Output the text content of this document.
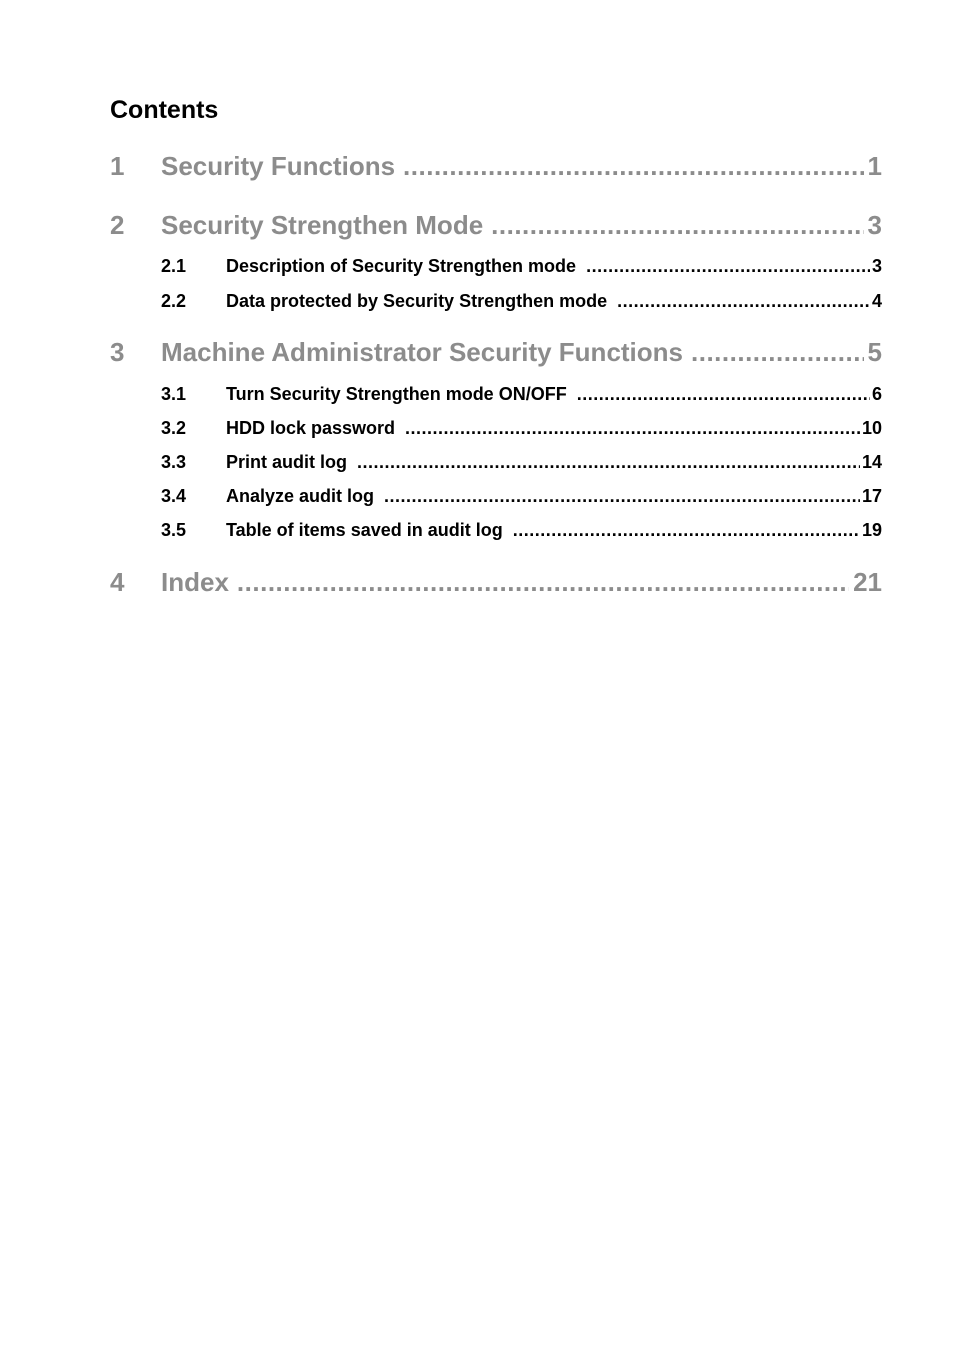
Contents
1	Security Functions .....	1
2	Security Strengthen Mode .....	3
2.1	Description of Security Strengthen mode .....	3
2.2	Data protected by Security Strengthen mode .....	4
3	Machine Administrator Security Functions .....	5
3.1	Turn Security Strengthen mode ON/OFF .....	6
3.2	HDD lock password .....	10
3.3	Print audit log .....	14
3.4	Analyze audit log .....	17
3.5	Table of items saved in audit log .....	19
4	Index .....	21
